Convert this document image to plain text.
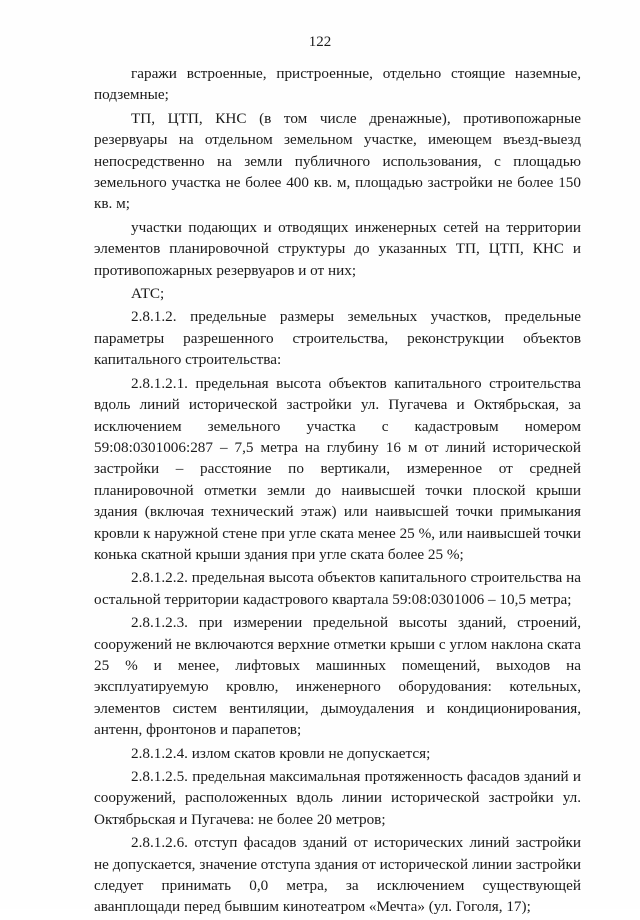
122

гаражи встроенные, пристроенные, отдельно стоящие наземные, подземные;

ТП, ЦТП, КНС (в том числе дренажные), противопожарные резервуары на отдельном земельном участке, имеющем въезд-выезд непосредственно на земли публичного использования, с площадью земельного участка не более 400 кв. м, площадью застройки не более 150 кв. м;

участки подающих и отводящих инженерных сетей на территории элементов планировочной структуры до указанных ТП, ЦТП, КНС и противопожарных резервуаров и от них;

АТС;

2.8.1.2. предельные размеры земельных участков, предельные параметры разрешенного строительства, реконструкции объектов капитального строительства:

2.8.1.2.1. предельная высота объектов капитального строительства вдоль линий исторической застройки ул. Пугачева и Октябрьская, за исключением земельного участка с кадастровым номером 59:08:0301006:287 – 7,5 метра на глубину 16 м от линий исторической застройки – расстояние по вертикали, измеренное от средней планировочной отметки земли до наивысшей точки плоской крыши здания (включая технический этаж) или наивысшей точки примыкания кровли к наружной стене при угле ската менее 25 %, или наивысшей точки конька скатной крыши здания при угле ската более 25 %;

2.8.1.2.2. предельная высота объектов капитального строительства на остальной территории кадастрового квартала 59:08:0301006 – 10,5 метра;

2.8.1.2.3. при измерении предельной высоты зданий, строений, сооружений не включаются верхние отметки крыши с углом наклона ската 25 % и менее, лифтовых машинных помещений, выходов на эксплуатируемую кровлю, инженерного оборудования: котельных, элементов систем вентиляции, дымоудаления и кондиционирования, антенн, фронтонов и парапетов;

2.8.1.2.4. излом скатов кровли не допускается;

2.8.1.2.5. предельная максимальная протяженность фасадов зданий и сооружений, расположенных вдоль линии исторической застройки ул. Октябрьская и Пугачева: не более 20 метров;

2.8.1.2.6. отступ фасадов зданий от исторических линий застройки не допускается, значение отступа здания от исторической линии застройки следует принимать 0,0 метра, за исключением существующей аванплощади перед бывшим кинотеатром «Мечта» (ул. Гоголя, 17);
